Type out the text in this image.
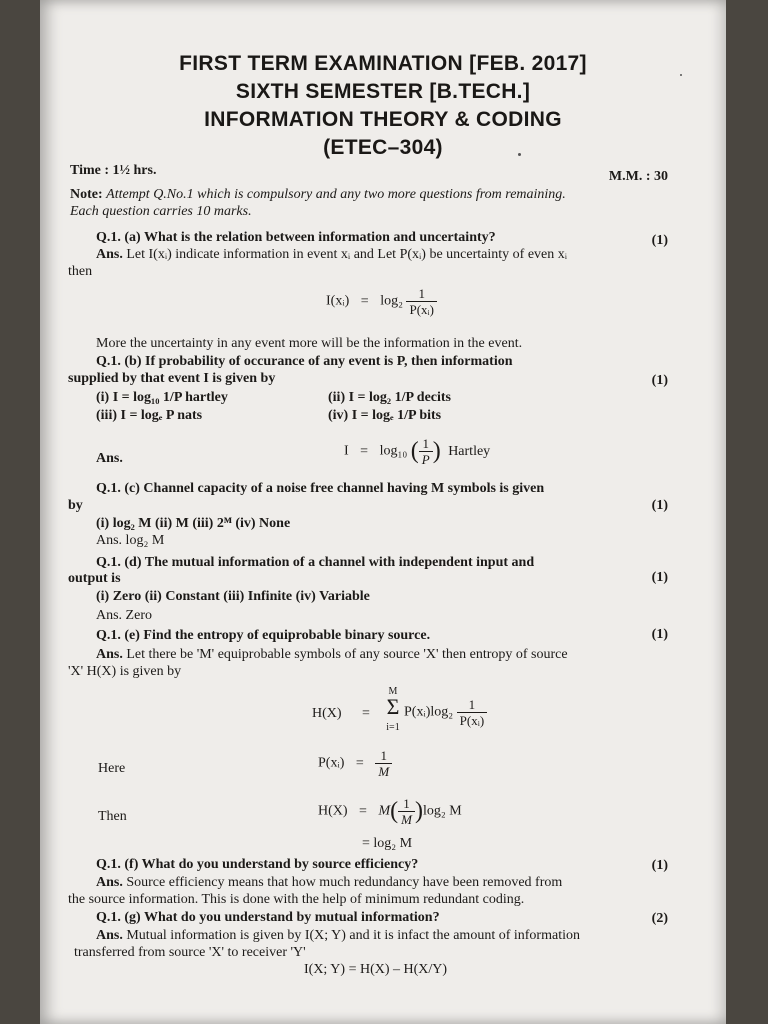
FIRST TERM EXAMINATION [FEB. 2017]
SIXTH SEMESTER [B.TECH.]
INFORMATION THEORY & CODING
(ETEC–304)
Time : 1½ hrs.	M.M. : 30
Note: Attempt Q.No.1 which is compulsory and any two more questions from remaining.
Each question carries 10 marks.
Q.1. (a) What is the relation between information and uncertainty?	(1)
Ans. Let I(xᵢ) indicate information in event xᵢ and Let P(xᵢ) be uncertainty of even xᵢ
then
I(xᵢ) = $\log_2 \frac{1}{\text{P(xᵢ)}}$
More the uncertainty in any event more will be the information in the event.
Q.1. (b) If probability of occurance of any event is P, then information
supplied by that event I is given by	(1)
(i) I = log₁₀ 1/P hartley	(ii) I = log₂ 1/P decits
(iii) I = logₑ P nats	(iv) I = logₑ 1/P bits
Ans.	I = log₁₀ ( $\frac{1}{P}$ ) Hartley
Q.1. (c) Channel capacity of a noise free channel having M symbols is given
by	(1)
(i) log₂ M (ii) M (iii) 2ᴹ (iv) None
Ans. log₂ M
Q.1. (d) The mutual information of a channel with independent input and
output is	(1)
(i) Zero (ii) Constant (iii) Infinite (iv) Variable
Ans. Zero
Q.1. (e) Find the entropy of equiprobable binary source.	(1)
Ans. Let there be 'M' equiprobable symbols of any source 'X' then entropy of source
'X' H(X) is given by
H(X) =
M
Σ
i=1
P(xᵢ)log₂ $\frac{1}{\text{P(xᵢ)}}$
Here	P(xᵢ) = $\frac{1}{M}$
Then	$H(X) = M( \frac{1}{M} )\log_2$ M
= log₂ M
Q.1. (f) What do you understand by source efficiency?	(1)
Ans. Source efficiency means that how much redundancy have been removed from
the source information. This is done with the help of minimum redundant coding.
Q.1. (g) What do you understand by mutual information?	(2)
Ans. Mutual information is given by I(X; Y) and it is infact the amount of information
transferred from source 'X' to receiver 'Y'
I(X; Y) = H(X) – H(X/Y)
